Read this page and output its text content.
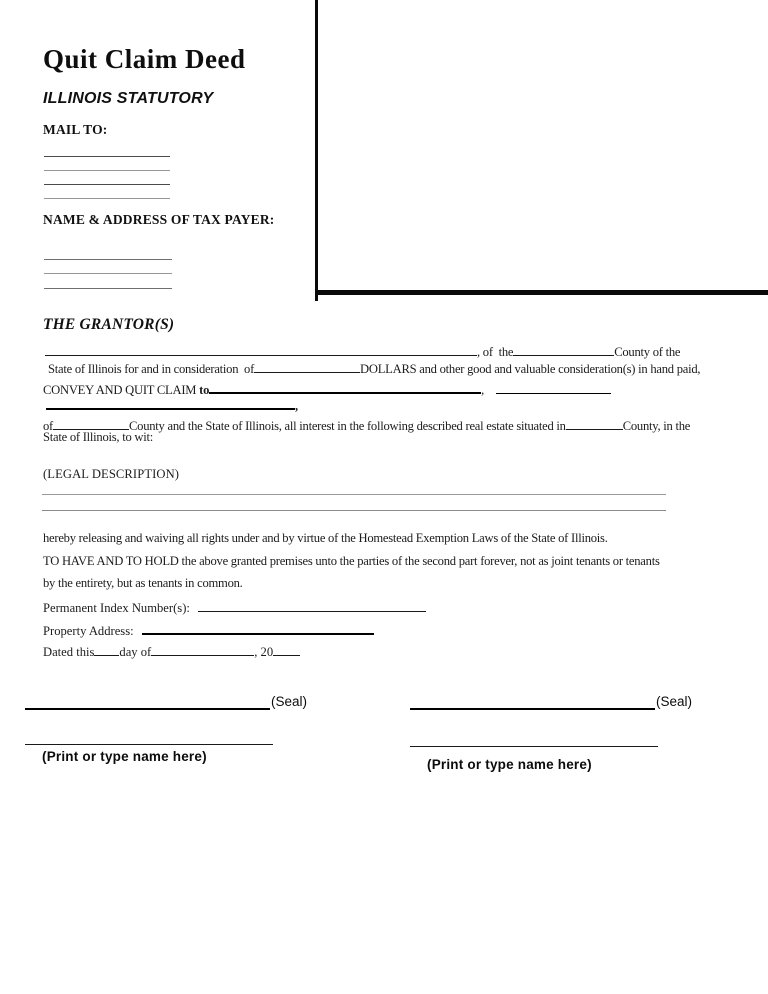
Quit Claim Deed
ILLINOIS STATUTORY
MAIL TO:
NAME & ADDRESS OF TAX PAYER:
THE GRANTOR(S)
, of  the	County of the
State of Illinois for and in consideration  of	DOLLARS and other good and valuable consideration(s) in hand paid,
CONVEY AND QUIT CLAIM to	,
,
of	County and the State of Illinois, all interest in the following described real estate situated in	County, in the
State of Illinois, to wit:
(LEGAL DESCRIPTION)
hereby releasing and waiving all rights under and by virtue of the Homestead Exemption Laws of the State of Illinois.
TO HAVE AND TO HOLD the above granted premises unto the parties of the second part forever, not as joint tenants or tenants
by the entirety, but as tenants in common.
Permanent Index Number(s):
Property Address:
Dated this day of	, 20
(Seal)	(Seal)
(Print or type name here)
(Print or type name here)
